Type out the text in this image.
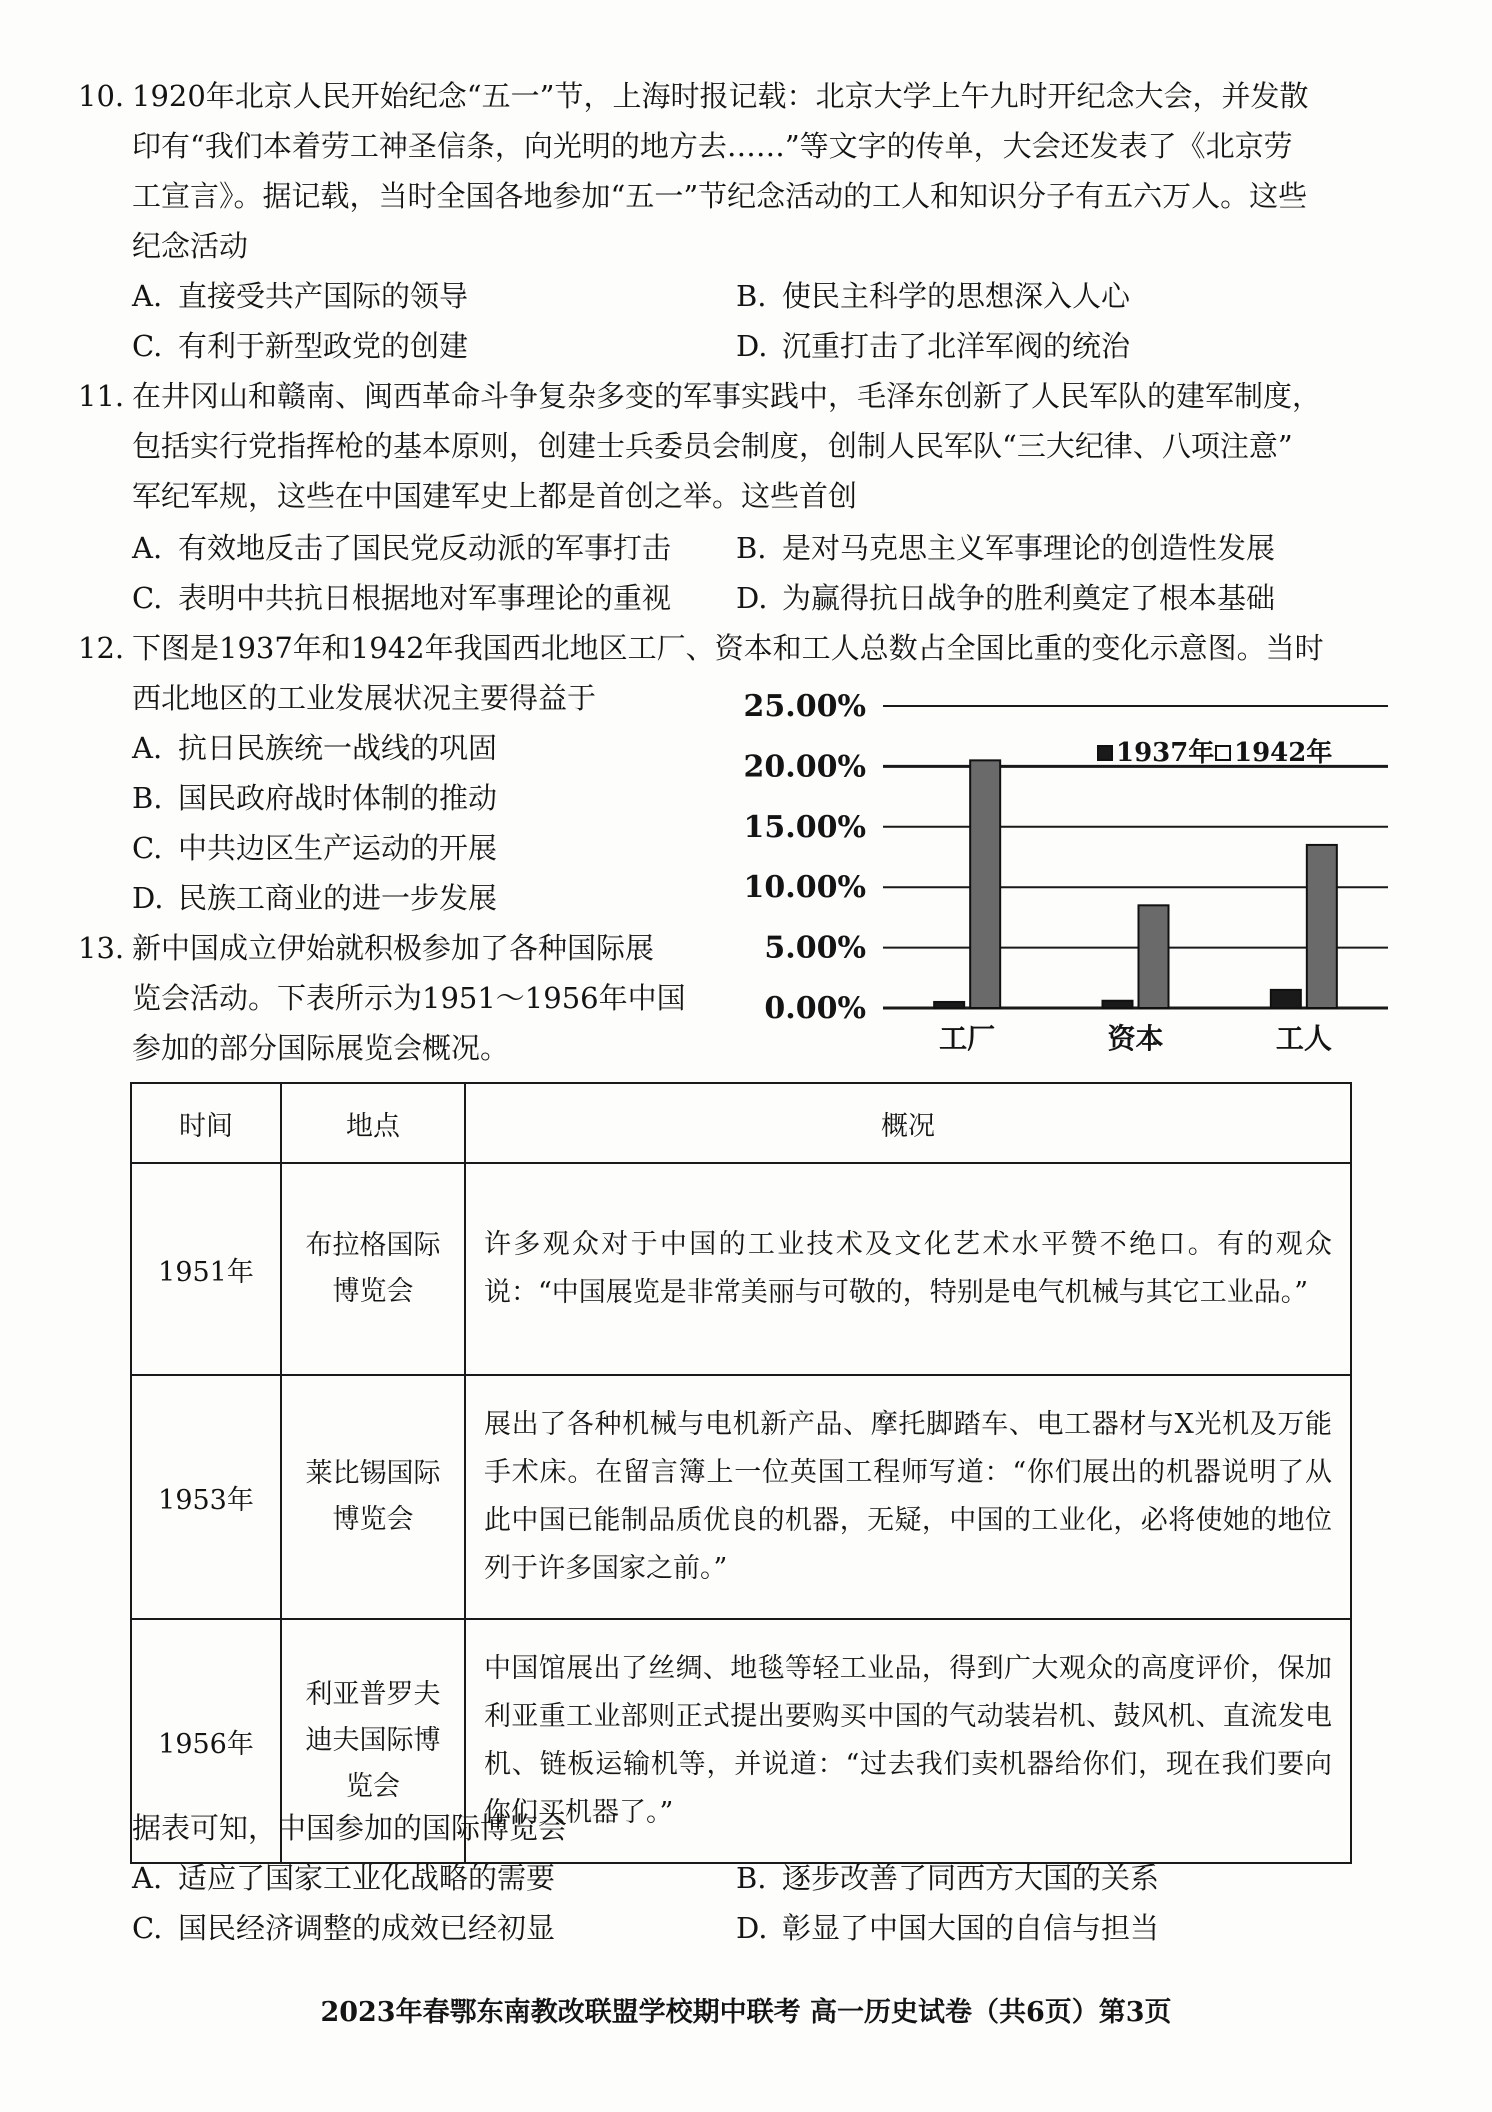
10. 1920年北京人民开始纪念“五一”节，上海时报记载：北京大学上午九时开纪念大会，并发散
印有“我们本着劳工神圣信条，向光明的地方去……”等文字的传单，大会还发表了《北京劳
工宣言》。据记载，当时全国各地参加“五一”节纪念活动的工人和知识分子有五六万人。这些
纪念活动
A. 直接受共产国际的领导	B. 使民主科学的思想深入人心
C. 有利于新型政党的创建	D. 沉重打击了北洋军阀的统治
11. 在井冈山和赣南、闽西革命斗争复杂多变的军事实践中，毛泽东创新了人民军队的建军制度，
包括实行党指挥枪的基本原则，创建士兵委员会制度，创制人民军队“三大纪律、八项注意”
军纪军规，这些在中国建军史上都是首创之举。这些首创
A. 有效地反击了国民党反动派的军事打击 B. 是对马克思主义军事理论的创造性发展
C. 表明中共抗日根据地对军事理论的重视 D. 为赢得抗日战争的胜利奠定了根本基础
12. 下图是1937年和1942年我国西北地区工厂、资本和工人总数占全国比重的变化示意图。当时
西北地区的工业发展状况主要得益于
A. 抗日民族统一战线的巩固
B. 国民政府战时体制的推动
C. 中共边区生产运动的开展
D. 民族工商业的进一步发展
0.00%
5.00%
10.00%
15.00%
20.00%
25.00%
工厂	资本	工人
1937年 1942年
13. 新中国成立伊始就积极参加了各种国际展
览会活动。下表所示为1951～1956年中国
参加的部分国际展览会概况。
时间	地点	概况
1951年	布拉格国际博览会	许多观众对于中国的工业技术及文化艺术水平赞不绝口。有的观众说：“中国展览是非常美丽与可敬的，特别是电气机械与其它工业品。”
1953年	莱比锡国际博览会	展出了各种机械与电机新产品、摩托脚踏车、电工器材与X光机及万能手术床。在留言簿上一位英国工程师写道：“你们展出的机器说明了从此中国已能制品质优良的机器，无疑，中国的工业化，必将使她的地位列于许多国家之前。”
1956年	利亚普罗夫迪夫国际博览会	中国馆展出了丝绸、地毯等轻工业品，得到广大观众的高度评价，保加利亚重工业部则正式提出要购买中国的气动装岩机、鼓风机、直流发电机、链板运输机等，并说道：“过去我们卖机器给你们，现在我们要向你们买机器了。”
据表可知，中国参加的国际博览会
A. 适应了国家工业化战略的需要	B. 逐步改善了同西方大国的关系
C. 国民经济调整的成效已经初显	D. 彰显了中国大国的自信与担当
2023年春鄂东南教改联盟学校期中联考 高一历史试卷（共6页）第3页
